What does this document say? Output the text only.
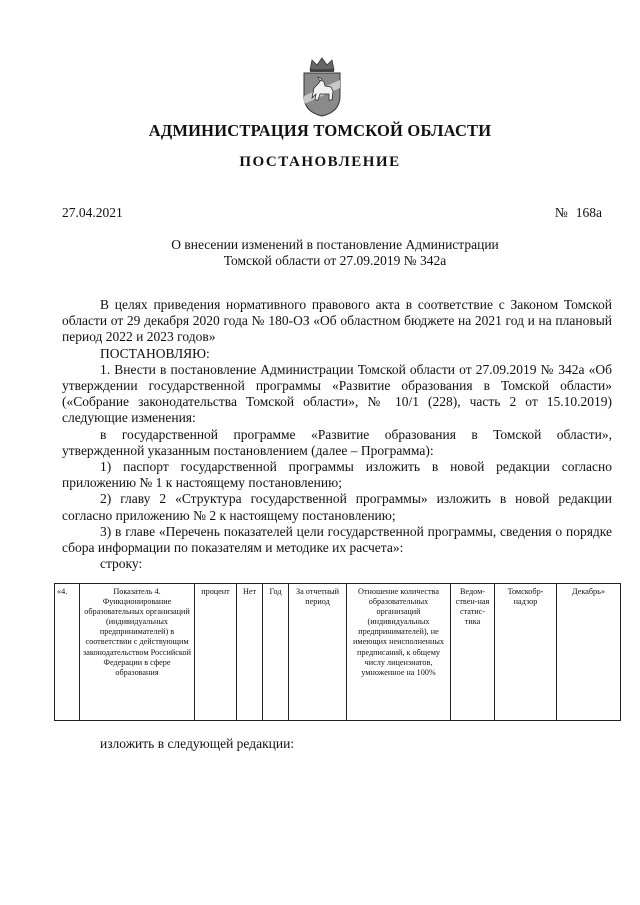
АДМИНИСТРАЦИЯ ТОМСКОЙ ОБЛАСТИ
ПОСТАНОВЛЕНИЕ
27.04.2021	№ 168а
О внесении изменений в постановление Администрации
Томской области от 27.09.2019 № 342а

В целях приведения нормативного правового акта в соответствие с Законом Томской области от 29 декабря 2020 года № 180-ОЗ «Об областном бюджете на 2021 год и на плановый период 2022 и 2023 годов»

ПОСТАНОВЛЯЮ:

1. Внести в постановление Администрации Томской области от 27.09.2019 № 342а «Об утверждении государственной программы «Развитие образования в Томской области» («Собрание законодательства Томской области», № 10/1 (228), часть 2 от 15.10.2019) следующие изменения:

в государственной программе «Развитие образования в Томской области», утвержденной указанным постановлением (далее – Программа):

1) паспорт государственной программы изложить в новой редакции согласно приложению № 1 к настоящему постановлению;

2) главу 2 «Структура государственной программы» изложить в новой редакции согласно приложению № 2 к настоящему постановлению;

3) в главе «Перечень показателей цели государственной программы, сведения о порядке сбора информации по показателям и методике их расчета»:

строку:

«4.	Показатель 4. Функционирование образовательных организаций (индивидуальных предпринимателей) в соответствии с действующим законодательством Российской Федерации в сфере образования	процент	Нет	Год	За отчетный период	Отношение количества образовательных организаций (индивидуальных предпринимателей), не имеющих неисполненных предписаний, к общему числу лицензиатов, умноженное на 100%	Ведом-ствен-ная статис-тика	Томскобр-надзор	Декабрь»
изложить в следующей редакции:
